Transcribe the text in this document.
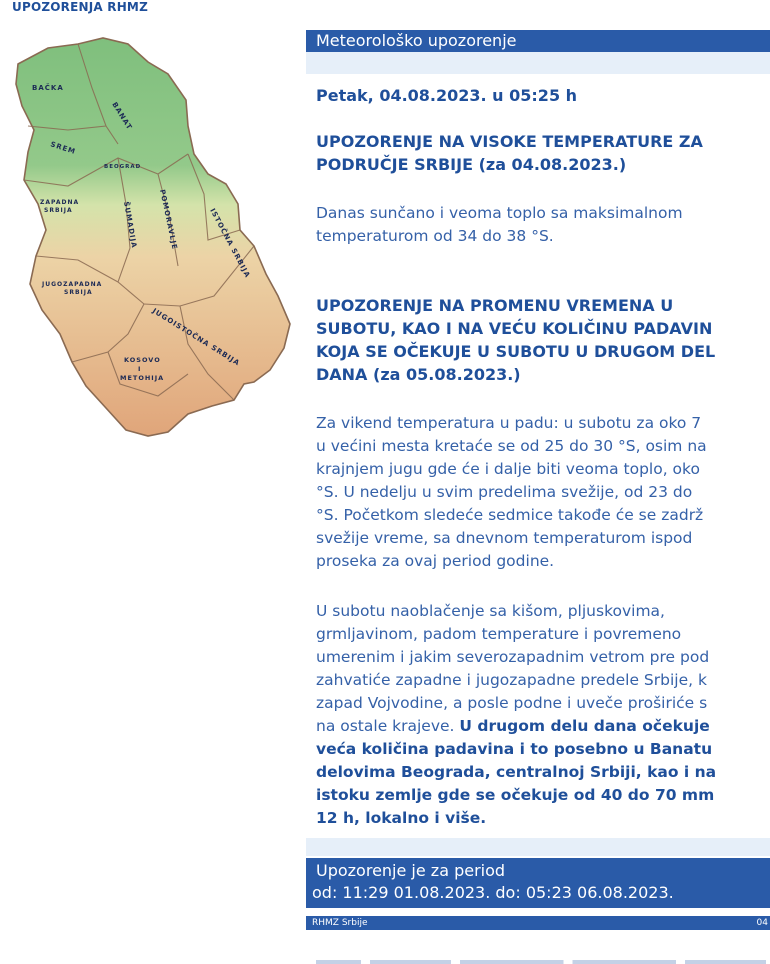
UPOZORENJA RHMZ
BAČKA
BANAT
SREM
BEOGRAD
ZAPADNA SRBIJA	ŠUMADIJA	POMORAVLJE	ISTOČNA SRBIJA
JUGOZAPADNA SRBIJA
JUGOISTOČNA SRBIJA
KOSOVO I METOHIJA
Meteorološko upozorenje
Petak, 04.08.2023. u 05:25 h
UPOZORENJE NA VISOKE TEMPERATURE ZA
PODRUČJE SRBIJE (za 04.08.2023.)
Danas sunčano i veoma toplo sa maksimalnom
temperaturom od 34 do 38 °S.
UPOZORENJE NA PROMENU VREMENA U
SUBOTU, KAO I NA VEĆU KOLIČINU PADAVIN
KOJA SE OČEKUJE U SUBOTU U DRUGOM DEL
DANA (za 05.08.2023.)
Za vikend temperatura u padu: u subotu za oko 7
u većini mesta kretaće se od 25 do 30 °S, osim na
krajnjem jugu gde će i dalje biti veoma toplo, oko
°S. U nedelju u svim predelima svežije, od 23 do
°S. Početkom sledeće sedmice takođe će se zadrž
svežije vreme, sa dnevnom temperaturom ispod
proseka za ovaj period godine.
U subotu naoblačenje sa kišom, pljuskovima,
grmljavinom, padom temperature i povremeno
umerenim i jakim severozapadnim vetrom pre pod
zahvatiće zapadne i jugozapadne predele Srbije, k
zapad Vojvodine, a posle podne i uveče proširiće s
na ostale krajeve. U drugom delu dana očekuje
veća količina padavina i to posebno u Banatu
delovima Beograda, centralnoj Srbiji, kao i na
istoku zemlje gde se očekuje od 40 do 70 mm
12 h, lokalno i više.
Upozorenje je za period
od: 11:29 01.08.2023. do: 05:23 06.08.2023.
RHMZ Srbije	04
